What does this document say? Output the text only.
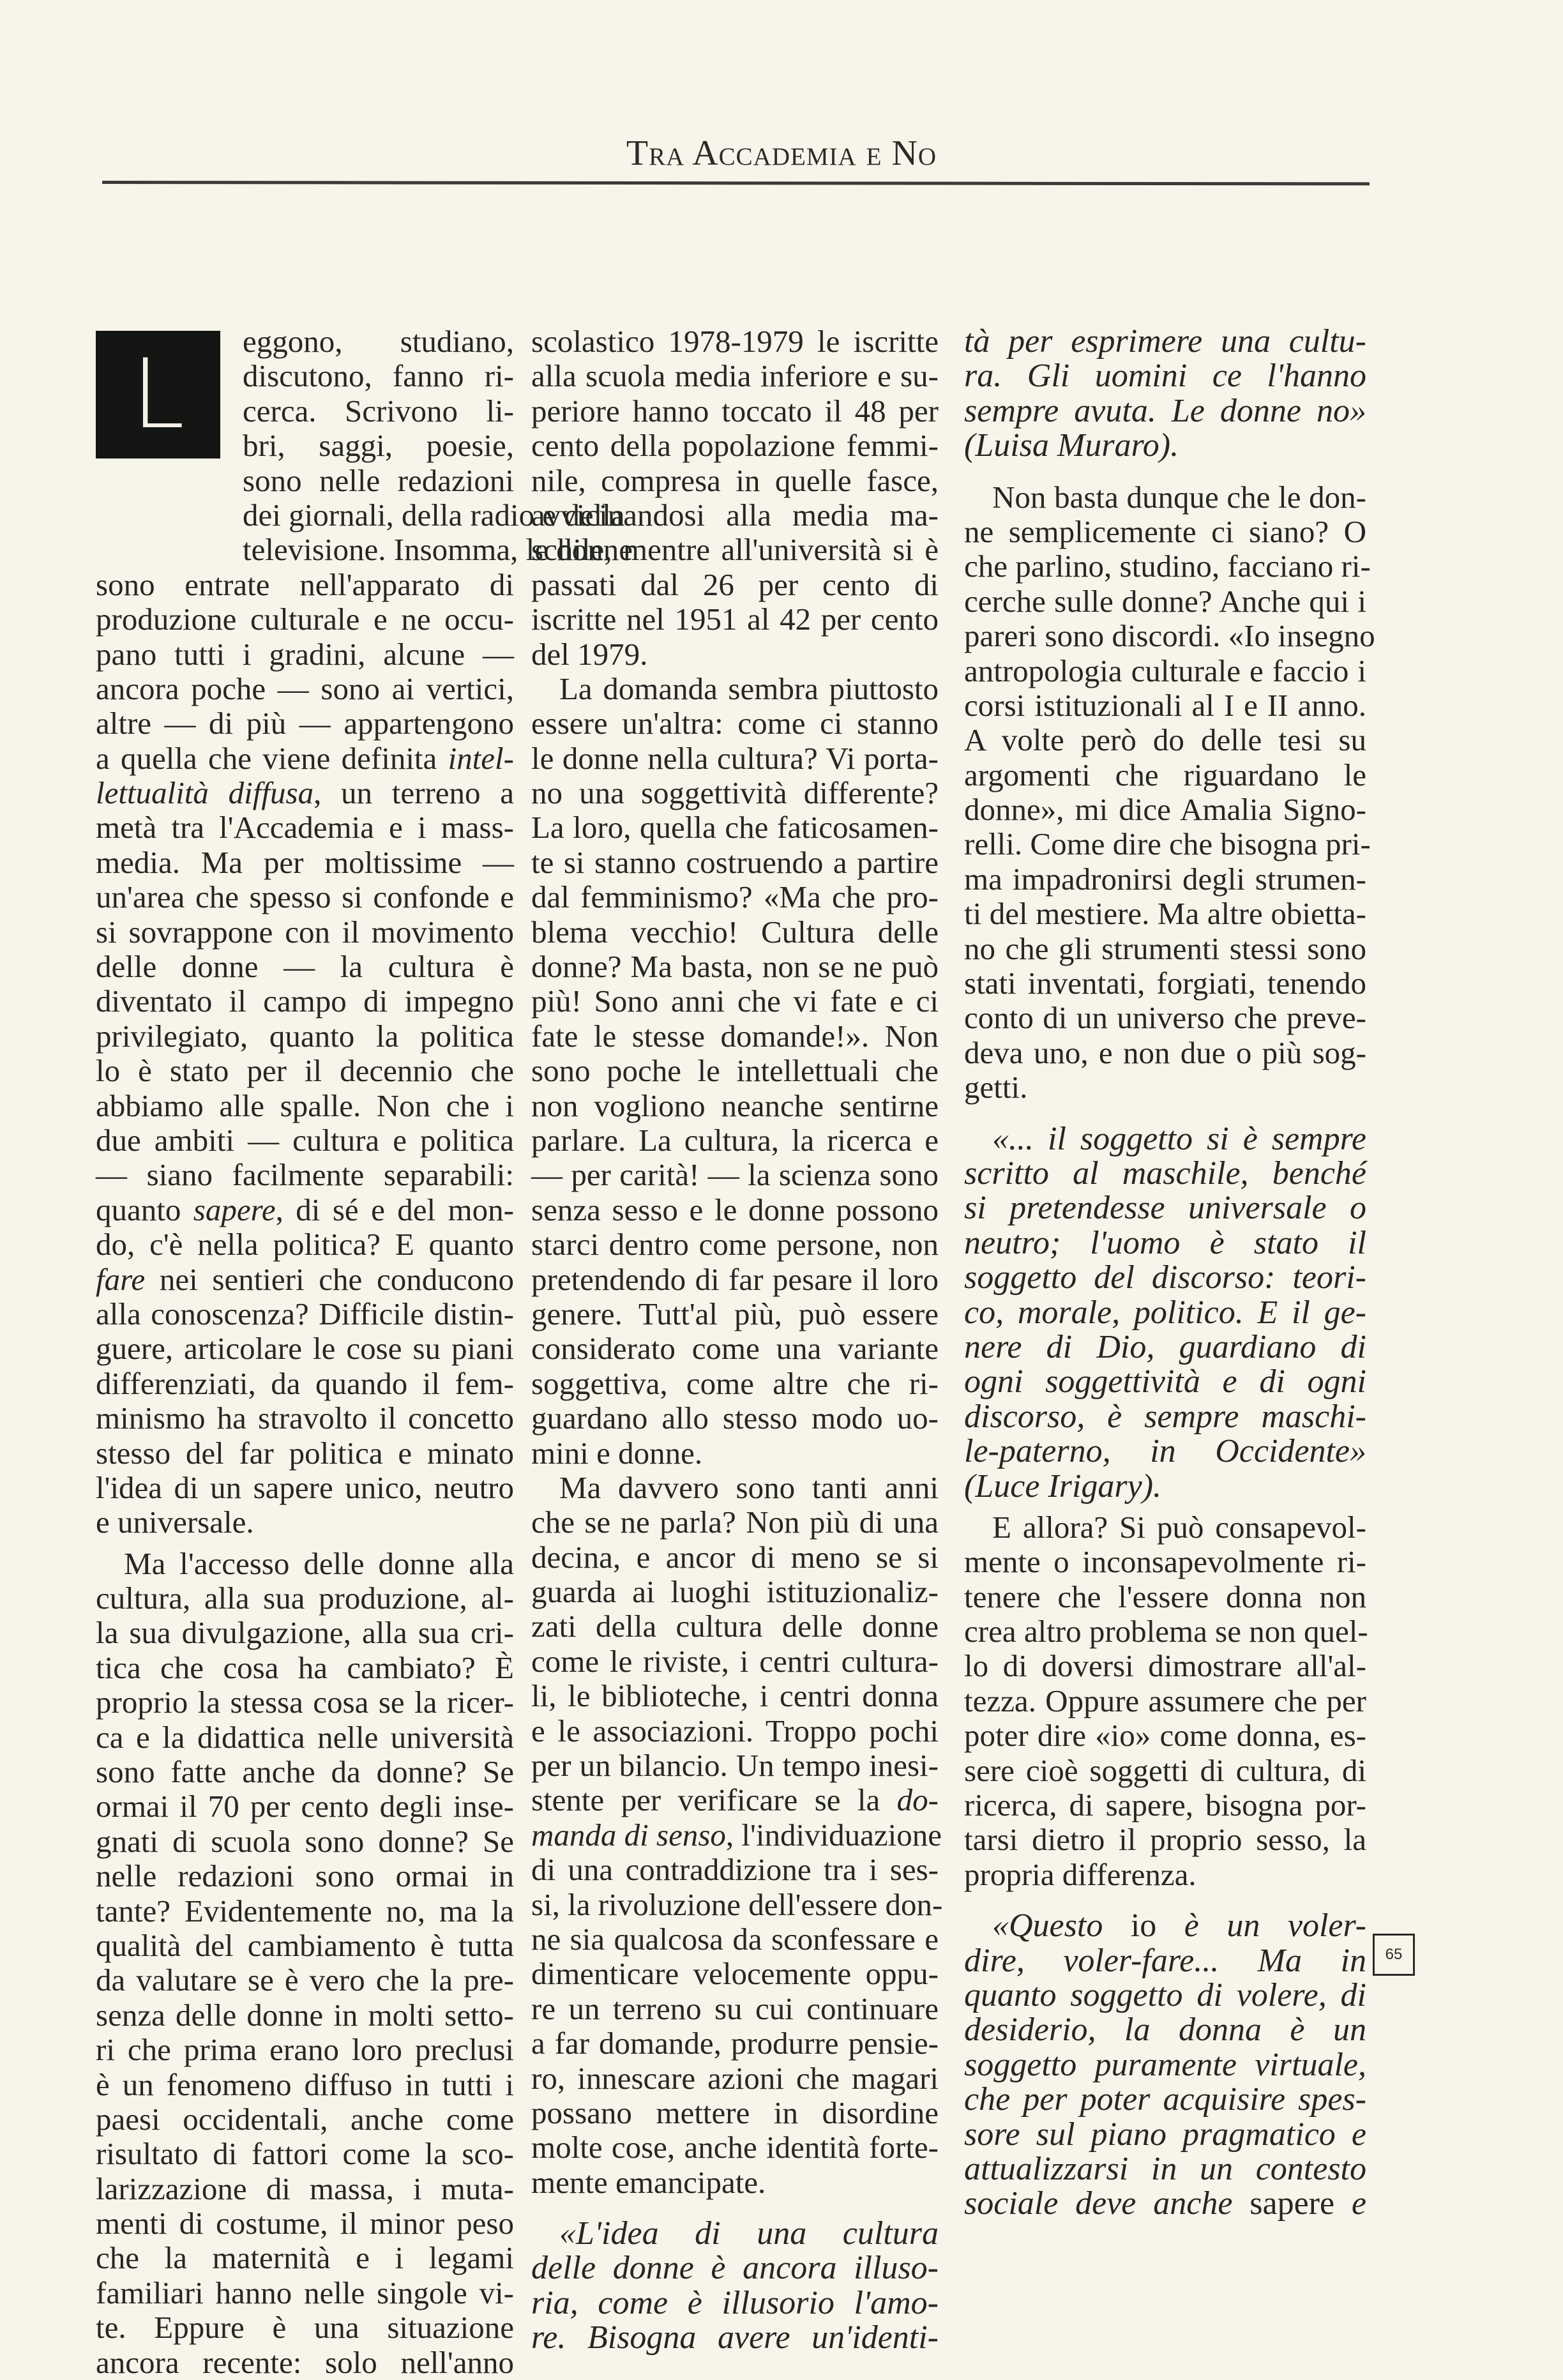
Tra Accademia e No
L	eggono, studiano,
discutono, fanno ri-
cerca. Scrivono li-
bri, saggi, poesie,
sono nelle redazioni
dei giornali, della radio e della
televisione. Insomma, le donne
sono entrate nell'apparato di
produzione culturale e ne occu-
pano tutti i gradini, alcune —
ancora poche — sono ai vertici,
altre — di più — appartengono
a quella che viene definita intel-
lettualità diffusa, un terreno a
metà tra l'Accademia e i mass-
media. Ma per moltissime —
un'area che spesso si confonde e
si sovrappone con il movimento
delle donne — la cultura è
diventato il campo di impegno
privilegiato, quanto la politica
lo è stato per il decennio che
abbiamo alle spalle. Non che i
due ambiti — cultura e politica
— siano facilmente separabili:
quanto sapere, di sé e del mon-
do, c'è nella politica? E quanto
fare nei sentieri che conducono
alla conoscenza? Difficile distin-
guere, articolare le cose su piani
differenziati, da quando il fem-
minismo ha stravolto il concetto
stesso del far politica e minato
l'idea di un sapere unico, neutro
e universale.
Ma l'accesso delle donne alla
cultura, alla sua produzione, al-
la sua divulgazione, alla sua cri-
tica che cosa ha cambiato? È
proprio la stessa cosa se la ricer-
ca e la didattica nelle università
sono fatte anche da donne? Se
ormai il 70 per cento degli inse-
gnati di scuola sono donne? Se
nelle redazioni sono ormai in
tante? Evidentemente no, ma la
qualità del cambiamento è tutta
da valutare se è vero che la pre-
senza delle donne in molti setto-
ri che prima erano loro preclusi
è un fenomeno diffuso in tutti i
paesi occidentali, anche come
risultato di fattori come la sco-
larizzazione di massa, i muta-
menti di costume, il minor peso
che la maternità e i legami
familiari hanno nelle singole vi-
te. Eppure è una situazione
ancora recente: solo nell'anno
scolastico 1978-1979 le iscritte
alla scuola media inferiore e su-
periore hanno toccato il 48 per
cento della popolazione femmi-
nile, compresa in quelle fasce,
avvicinandosi alla media ma-
schile, mentre all'università si è
passati dal 26 per cento di
iscritte nel 1951 al 42 per cento
del 1979.
La domanda sembra piuttosto
essere un'altra: come ci stanno
le donne nella cultura? Vi porta-
no una soggettività differente?
La loro, quella che faticosamen-
te si stanno costruendo a partire
dal femminismo? «Ma che pro-
blema vecchio! Cultura delle
donne? Ma basta, non se ne può
più! Sono anni che vi fate e ci
fate le stesse domande!». Non
sono poche le intellettuali che
non vogliono neanche sentirne
parlare. La cultura, la ricerca e
— per carità! — la scienza sono
senza sesso e le donne possono
starci dentro come persone, non
pretendendo di far pesare il loro
genere. Tutt'al più, può essere
considerato come una variante
soggettiva, come altre che ri-
guardano allo stesso modo uo-
mini e donne.
Ma davvero sono tanti anni
che se ne parla? Non più di una
decina, e ancor di meno se si
guarda ai luoghi istituzionaliz-
zati della cultura delle donne
come le riviste, i centri cultura-
li, le biblioteche, i centri donna
e le associazioni. Troppo pochi
per un bilancio. Un tempo inesi-
stente per verificare se la do-
manda di senso, l'individuazione
di una contraddizione tra i ses-
si, la rivoluzione dell'essere don-
ne sia qualcosa da sconfessare e
dimenticare velocemente oppu-
re un terreno su cui continuare
a far domande, produrre pensie-
ro, innescare azioni che magari
possano mettere in disordine
molte cose, anche identità forte-
mente emancipate.
«L'idea di una cultura
delle donne è ancora illuso-
ria, come è illusorio l'amo-
re. Bisogna avere un'identi-
tà per esprimere una cultu-
ra. Gli uomini ce l'hanno
sempre avuta. Le donne no»
(Luisa Muraro).
Non basta dunque che le don-
ne semplicemente ci siano? O
che parlino, studino, facciano ri-
cerche sulle donne? Anche qui i
pareri sono discordi. «Io insegno
antropologia culturale e faccio i
corsi istituzionali al I e II anno.
A volte però do delle tesi su
argomenti che riguardano le
donne», mi dice Amalia Signo-
relli. Come dire che bisogna pri-
ma impadronirsi degli strumen-
ti del mestiere. Ma altre obietta-
no che gli strumenti stessi sono
stati inventati, forgiati, tenendo
conto di un universo che preve-
deva uno, e non due o più sog-
getti.
«... il soggetto si è sempre
scritto al maschile, benché
si pretendesse universale o
neutro; l'uomo è stato il
soggetto del discorso: teori-
co, morale, politico. E il ge-
nere di Dio, guardiano di
ogni soggettività e di ogni
discorso, è sempre maschi-
le-paterno, in Occidente»
(Luce Irigary).
E allora? Si può consapevol-
mente o inconsapevolmente ri-
tenere che l'essere donna non
crea altro problema se non quel-
lo di doversi dimostrare all'al-
tezza. Oppure assumere che per
poter dire «io» come donna, es-
sere cioè soggetti di cultura, di
ricerca, di sapere, bisogna por-
tarsi dietro il proprio sesso, la
propria differenza.
«Questo io è un voler-
dire, voler-fare... Ma in
quanto soggetto di volere, di
desiderio, la donna è un
soggetto puramente virtuale,
che per poter acquisire spes-
sore sul piano pragmatico e
attualizzarsi in un contesto
sociale deve anche sapere e
65
